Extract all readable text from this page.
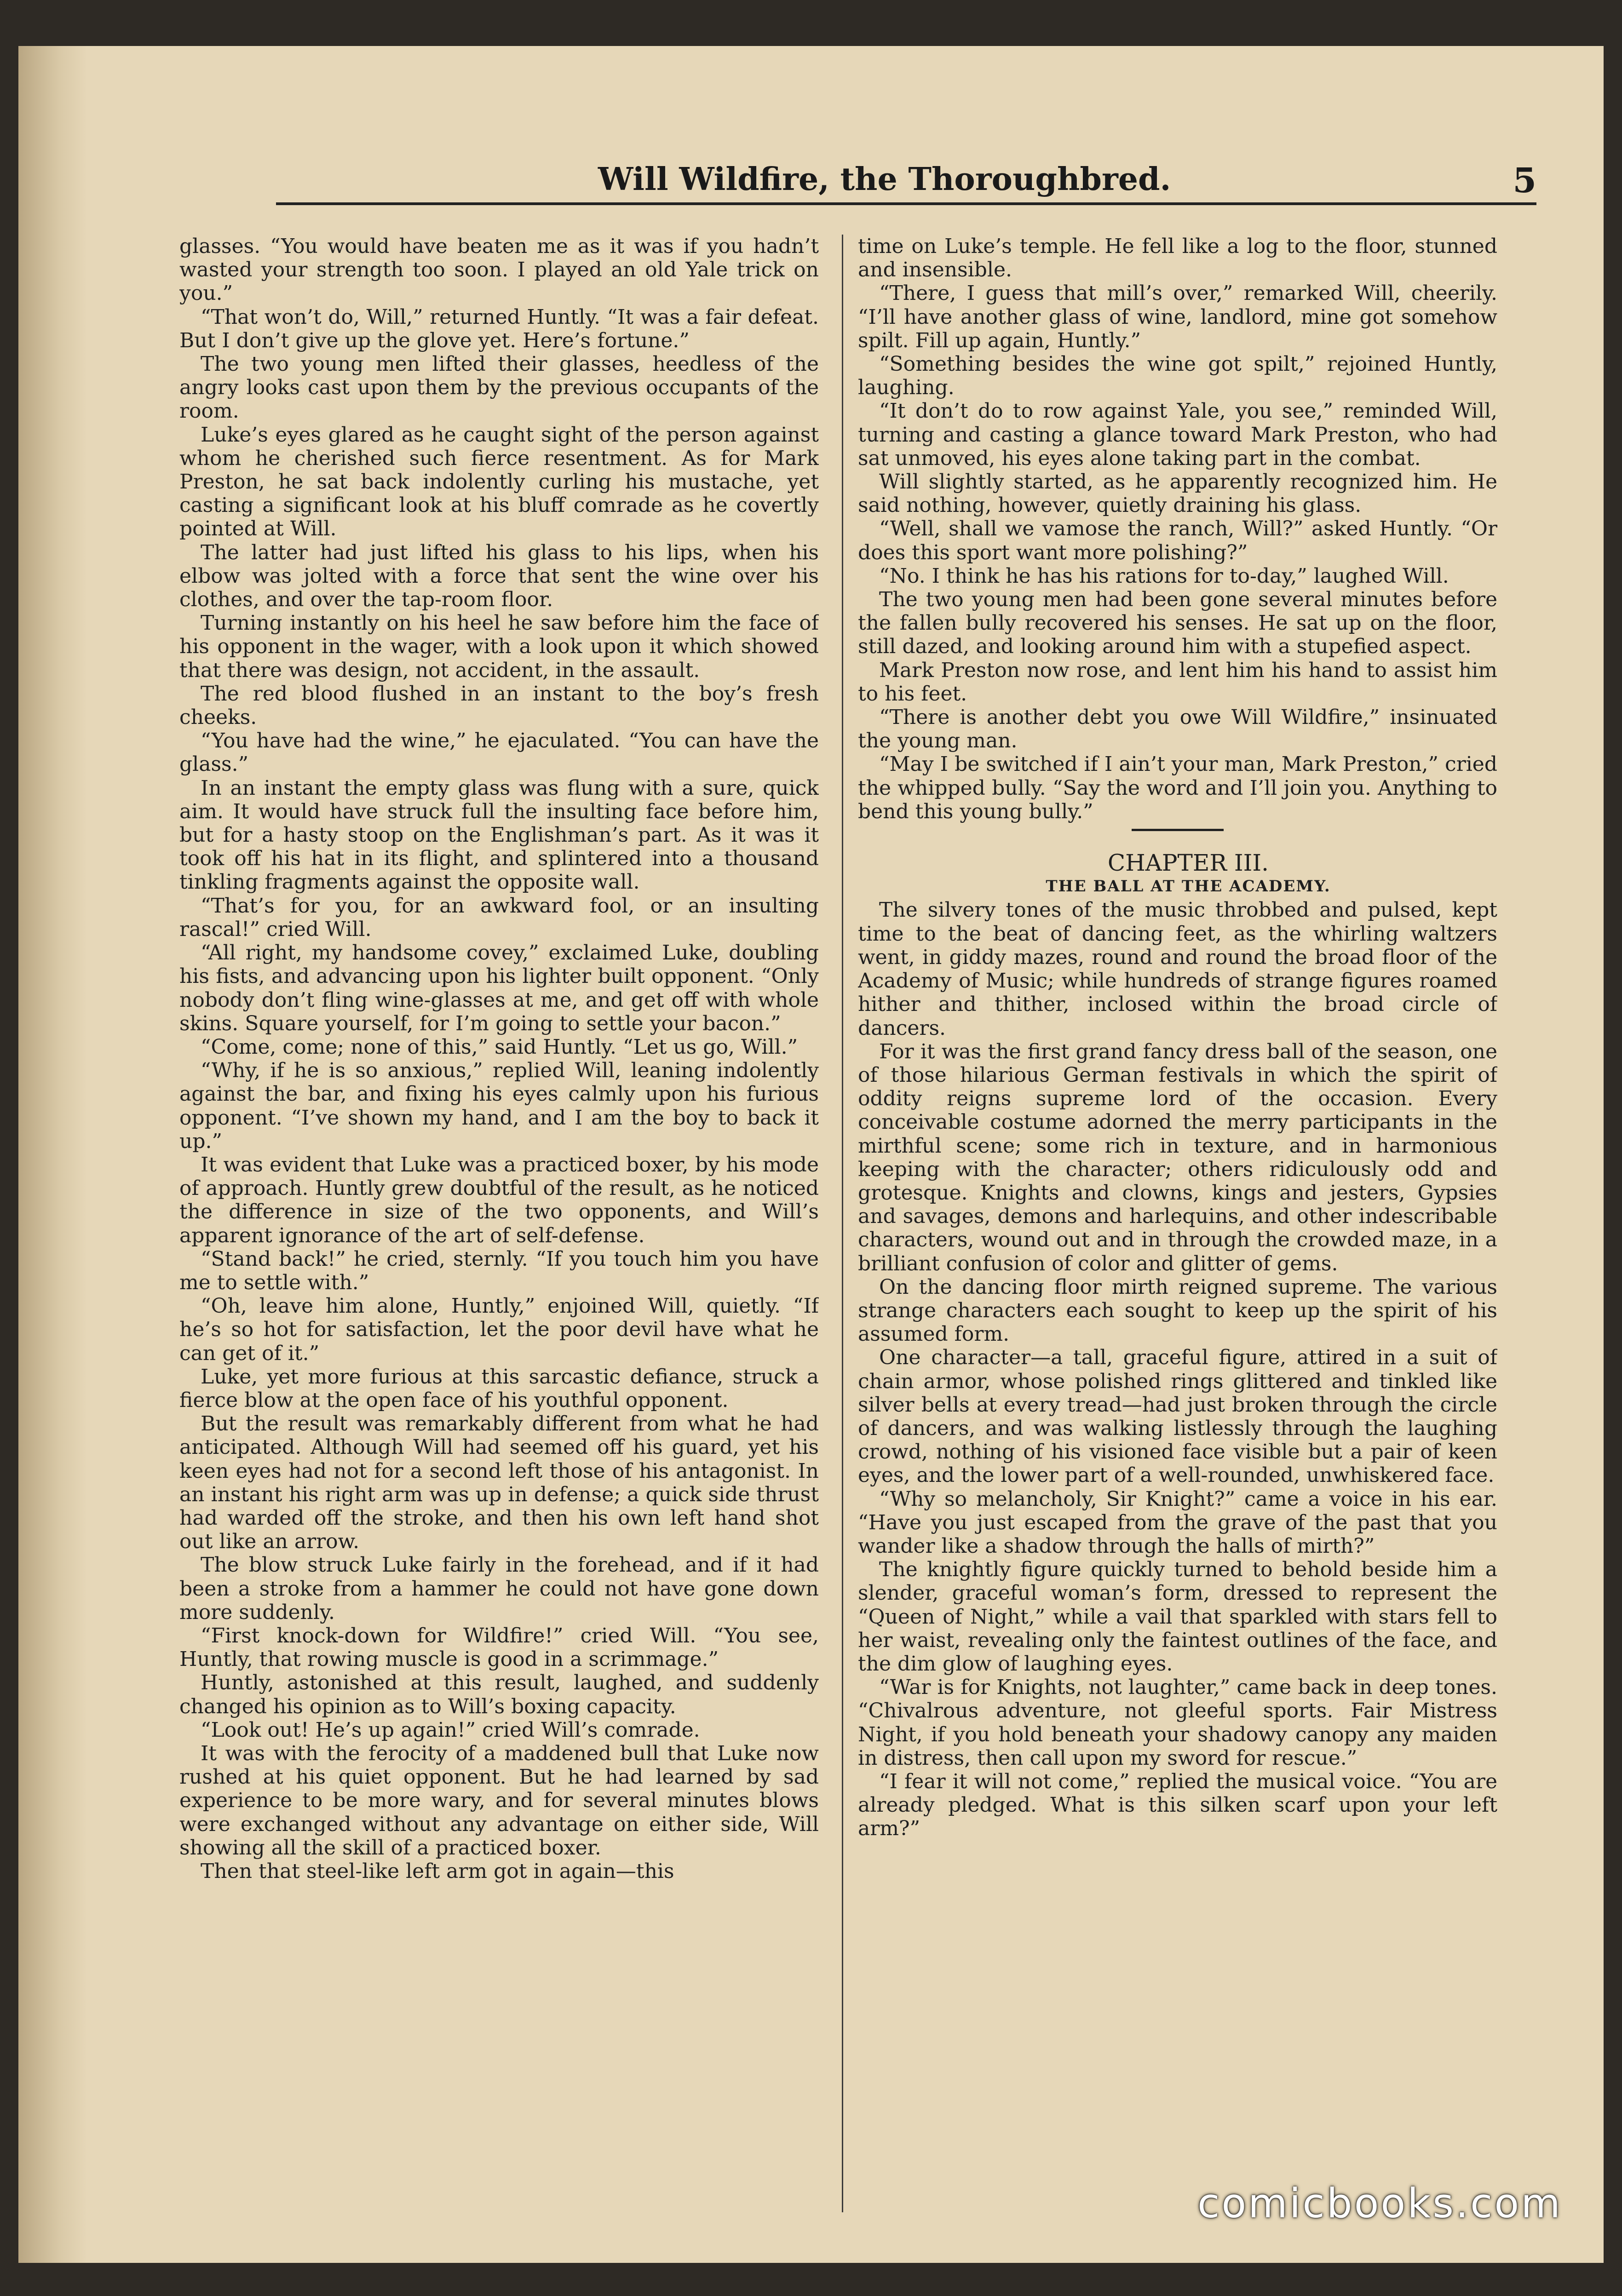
Will Wildfire, the Thoroughbred.	5

glasses. “You would have beaten me as it was if you hadn’t wasted your strength too soon. I played an old Yale trick on you.”

“That won’t do, Will,” returned Huntly. “It was a fair defeat. But I don’t give up the glove yet. Here’s fortune.”

The two young men lifted their glasses, heedless of the angry looks cast upon them by the previous occupants of the room.

Luke’s eyes glared as he caught sight of the person against whom he cherished such fierce resentment. As for Mark Preston, he sat back indolently curling his mustache, yet casting a significant look at his bluff comrade as he covertly pointed at Will.

The latter had just lifted his glass to his lips, when his elbow was jolted with a force that sent the wine over his clothes, and over the tap-room floor.

Turning instantly on his heel he saw before him the face of his opponent in the wager, with a look upon it which showed that there was design, not accident, in the assault.

The red blood flushed in an instant to the boy’s fresh cheeks.

“You have had the wine,” he ejaculated. “You can have the glass.”

In an instant the empty glass was flung with a sure, quick aim. It would have struck full the insulting face before him, but for a hasty stoop on the Englishman’s part. As it was it took off his hat in its flight, and splintered into a thousand tinkling fragments against the opposite wall.

“That’s for you, for an awkward fool, or an insulting rascal!” cried Will.

“All right, my handsome covey,” exclaimed Luke, doubling his fists, and advancing upon his lighter built opponent. “Only nobody don’t fling wine-glasses at me, and get off with whole skins. Square yourself, for I’m going to settle your bacon.”

“Come, come; none of this,” said Huntly. “Let us go, Will.”

“Why, if he is so anxious,” replied Will, leaning indolently against the bar, and fixing his eyes calmly upon his furious opponent. “I’ve shown my hand, and I am the boy to back it up.”

It was evident that Luke was a practiced boxer, by his mode of approach. Huntly grew doubtful of the result, as he noticed the difference in size of the two opponents, and Will’s apparent ignorance of the art of self-defense.

“Stand back!” he cried, sternly. “If you touch him you have me to settle with.”

“Oh, leave him alone, Huntly,” enjoined Will, quietly. “If he’s so hot for satisfaction, let the poor devil have what he can get of it.”

Luke, yet more furious at this sarcastic defiance, struck a fierce blow at the open face of his youthful opponent.

But the result was remarkably different from what he had anticipated. Although Will had seemed off his guard, yet his keen eyes had not for a second left those of his antagonist. In an instant his right arm was up in defense; a quick side thrust had warded off the stroke, and then his own left hand shot out like an arrow.

The blow struck Luke fairly in the forehead, and if it had been a stroke from a hammer he could not have gone down more suddenly.

“First knock-down for Wildfire!” cried Will. “You see, Huntly, that rowing muscle is good in a scrimmage.”

Huntly, astonished at this result, laughed, and suddenly changed his opinion as to Will’s boxing capacity.

“Look out! He’s up again!” cried Will’s comrade.

It was with the ferocity of a maddened bull that Luke now rushed at his quiet opponent. But he had learned by sad experience to be more wary, and for several minutes blows were exchanged without any advantage on either side, Will showing all the skill of a practiced boxer.

Then that steel-like left arm got in again—this

time on Luke’s temple. He fell like a log to the floor, stunned and insensible.

“There, I guess that mill’s over,” remarked Will, cheerily. “I’ll have another glass of wine, landlord, mine got somehow spilt. Fill up again, Huntly.”

“Something besides the wine got spilt,” rejoined Huntly, laughing.

“It don’t do to row against Yale, you see,” reminded Will, turning and casting a glance toward Mark Preston, who had sat unmoved, his eyes alone taking part in the combat.

Will slightly started, as he apparently recognized him. He said nothing, however, quietly draining his glass.

“Well, shall we vamose the ranch, Will?” asked Huntly. “Or does this sport want more polishing?”

“No. I think he has his rations for to-day,” laughed Will.

The two young men had been gone several minutes before the fallen bully recovered his senses. He sat up on the floor, still dazed, and looking around him with a stupefied aspect.

Mark Preston now rose, and lent him his hand to assist him to his feet.

“There is another debt you owe Will Wildfire,” insinuated the young man.

“May I be switched if I ain’t your man, Mark Preston,” cried the whipped bully. “Say the word and I’ll join you. Anything to bend this young bully.”

CHAPTER III.

THE BALL AT THE ACADEMY.

The silvery tones of the music throbbed and pulsed, kept time to the beat of dancing feet, as the whirling waltzers went, in giddy mazes, round and round the broad floor of the Academy of Music; while hundreds of strange figures roamed hither and thither, inclosed within the broad circle of dancers.

For it was the first grand fancy dress ball of the season, one of those hilarious German festivals in which the spirit of oddity reigns supreme lord of the occasion. Every conceivable costume adorned the merry participants in the mirthful scene; some rich in texture, and in harmonious keeping with the character; others ridiculously odd and grotesque. Knights and clowns, kings and jesters, Gypsies and savages, demons and harlequins, and other indescribable characters, wound out and in through the crowded maze, in a brilliant confusion of color and glitter of gems.

On the dancing floor mirth reigned supreme. The various strange characters each sought to keep up the spirit of his assumed form.

One character—a tall, graceful figure, attired in a suit of chain armor, whose polished rings glittered and tinkled like silver bells at every tread—had just broken through the circle of dancers, and was walking listlessly through the laughing crowd, nothing of his visioned face visible but a pair of keen eyes, and the lower part of a well-rounded, unwhiskered face.

“Why so melancholy, Sir Knight?” came a voice in his ear. “Have you just escaped from the grave of the past that you wander like a shadow through the halls of mirth?”

The knightly figure quickly turned to behold beside him a slender, graceful woman’s form, dressed to represent the “Queen of Night,” while a vail that sparkled with stars fell to her waist, revealing only the faintest outlines of the face, and the dim glow of laughing eyes.

“War is for Knights, not laughter,” came back in deep tones. “Chivalrous adventure, not gleeful sports. Fair Mistress Night, if you hold beneath your shadowy canopy any maiden in distress, then call upon my sword for rescue.”

“I fear it will not come,” replied the musical voice. “You are already pledged. What is this silken scarf upon your left arm?”

comicbooks.com
